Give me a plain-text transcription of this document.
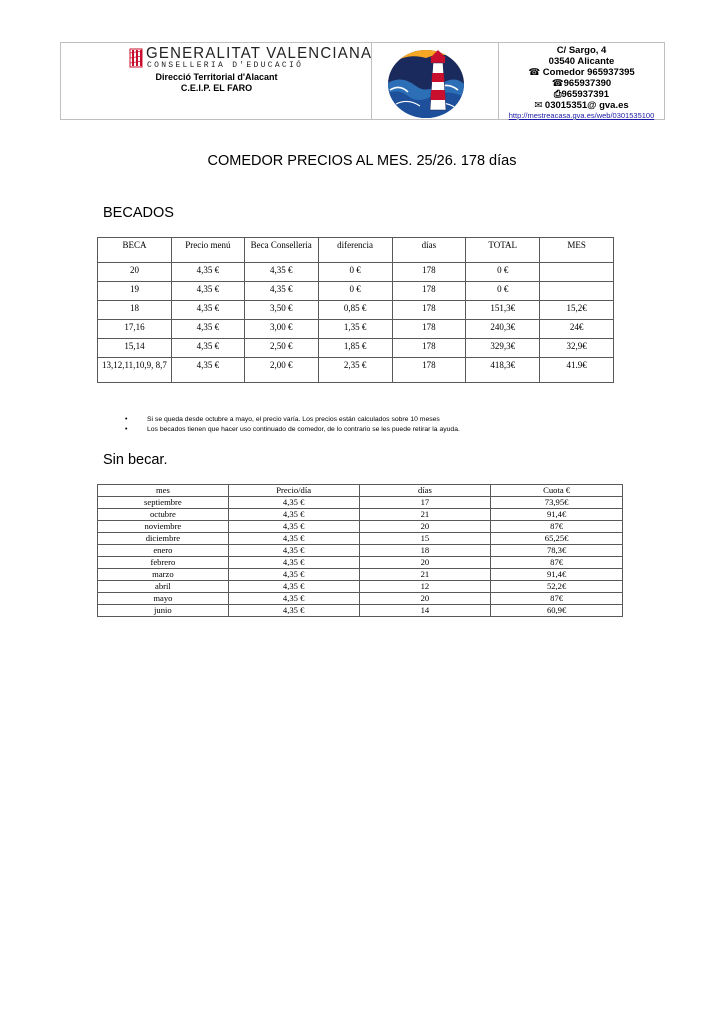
GENERALITAT VALENCIANA
CONSELLERIA D'EDUCACIÓ
Direcció Territorial d'Alacant
C.E.I.P. EL FARO
C/ Sargo, 4
03540 Alicante
☎ Comedor 965937395
☎965937390
⎙965937391
✉ 03015351@ gva.es
http://mestreacasa.gva.es/web/0301535100
COMEDOR PRECIOS AL MES. 25/26. 178 días
BECADOS
BECA	Precio menú	Beca Conselleria	diferencia	días	TOTAL	MES
20	4,35 €	4,35 €	0 €	178	0 €	
19	4,35 €	4,35 €	0 €	178	0 €	
18	4,35 €	3,50 €	0,85 €	178	151,3€	15,2€
17,16	4,35 €	3,00 €	1,35 €	178	240,3€	24€
15,14	4,35 €	2,50 €	1,85 €	178	329,3€	32,9€
13,12,11,10,9, 8,7	4,35 €	2,00 €	2,35 €	178	418,3€	41.9€
• Si se queda desde octubre a mayo, el precio varía. Los precios están calculados sobre 10 meses
• Los becados tienen que hacer uso continuado de comedor, de lo contrario se les puede retirar la ayuda.
Sin becar.
mes	Precio/día	días	Cuota €
septiembre	4,35 €	17	73,95€
octubre	4,35 €	21	91,4€
noviembre	4,35 €	20	87€
diciembre	4,35 €	15	65,25€
enero	4,35 €	18	78,3€
febrero	4,35 €	20	87€
marzo	4,35 €	21	91,4€
abril	4,35 €	12	52,2€
mayo	4,35 €	20	87€
junio	4,35 €	14	60,9€
